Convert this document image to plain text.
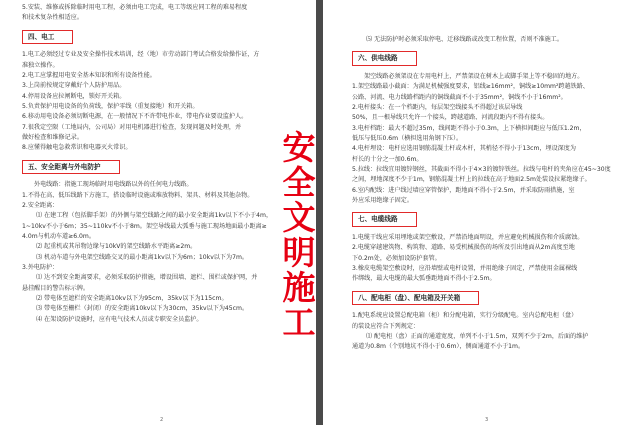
5.安装、维修或拆除临时用电工程，必须由电工完成，电工等级应同工程的难易程度
和技术复杂性相适应。
四、电工
1.电工必须经过专业及安全操作技术培训，经（地）市劳动部门考试合格发给操作证，方
准独立操作。
2.电工应掌握用电安全基本知识和所有设备性能。
3.上岗前按规定穿戴好个人防护用品。
4.停用设备应拉闸断电，锁好开关箱。
5.负责保护用电设备的负荷线，保护零线（重复接地）和开关箱。
6.移动用电设备必须切断电源，在一般情况下不许带电作业，带电作业要设监护人。
7.很我定空限（工地局内，公司局）对用电机器进行检查，发现问题及时处理，并
做好检查和维修记录。
8.应懂得触电急救常识和电器灭火常识。
五、安全距离与外电防护
外电线路：指施工现场临时用电线路以外的任何电力线路。
1.不得在高、低压线路下方施工，搭设临时设施或堆放物料、架具、材料及其他杂物。
2.安全距离：
⑴ 在建工程（包括脚手架）的外侧与架空线路之间的最小安全距离1kv以下不小于4m，
1~10kv不小于6m；35~110kv不小于8m。架空导线最大弧垂与施工现场地面最小距离≥
4.0m与机动车道≥6.0m。
⑵ 起重机或其吊物边缘与10kV的架空线路水平距离≥2m。
⑶ 机动车道与外电架空线路交叉的最小距离1kv以下为6m；10kv以下为7m。
3.外电防护：
⑴ 达不到安全距离要求，必须采取防护措施，增设围墙、遮栏、围栏或保护网，并
悬挂醒目的警告标示牌。
⑵ 带电体至遮栏的安全距离10kv以下为95cm，35kv以下为115cm。
⑶ 带电体至栅栏（封闭）的安全距离10kv以下为30cm，35kv以下为45cm。
⑷ 在架设防护设施时，应有电气技术人员或专职安全员监护。
2
⑸ 无法防护时必须采取停电、迁移线路或改变工程位置，否则不准施工。
六、供电线路
架空线路必须架设在专用电杆上，严禁架设在树木上或脚手架上等不稳固的地方。
1.架空线路最小截面：为满足机械强度要求，铝线≥16mm²，铜线≥10mm²跨越铁路、
公路、河流、电力线路档距内的铜线截面不小于35mm²，铜线不小于16mm²。
2.电杆接头：在一个档距内，每层架空线接头不得超过该层导线
50%，且一根导线只允许一个接头，跨越道路、河流段距内不得有接头。
3.电杆档距：最大不超过35m，线间距不得小于0.3m，上下横担间距应与低压1.2m，
低压与低压0.6m（横担选用角钢下压）。
4.电杆埋设：电杆应选用钢筋混凝土杆或木杆，其梢径不得小于13cm，埋设深度为
杆长的十分之一加0.6m。
5.拉线：拉线宜用镀锌钢丝，其截面不得小于4×3的镀锌铁丝。拉线与电杆的夹角应在45~30度
之间，埋地深度不少于1m，钢筋混凝土杆上的拉线在高于地面2.5m处装设拉紧绝缘子。
6.室内配线：进户线过墙应穿管保护，距地面不得小于2.5m，并采取防雨措施，室
外应采用绝缘子固定。
七、电缆线路
1.电缆干线应采用埋地或架空敷设，严禁沿地面明设，并应避免机械损伤和介质腐蚀。
2.电缆穿越建筑物、构筑物、道路、易受机械损伤的场所及引出地面从2m高度至地
下0.2m处，必须加设防护套管。
3.橡皮电缆架空敷设时，应沿墙壁或电杆设置，并用绝缘子固定，严禁使用金属裸线
作绑线，最大电缆的最大弧垂距地面不得小于2.5m。
八、配电柜（盘）、配电箱及开关箱
1.配电系统应设置总配电箱（柜）和分配电箱，实行分级配电。室内总配电柜（盘）
的装设应符合下列规定：
⑴ 配电柜（盘）正面的通道宽度，单列不小于1.5m，双列不少于2m，后面的维护
通道为0.8m（个别地坑不得小于0.6m），侧面通道不小于1m。
3
安
全
文
明
施
工
